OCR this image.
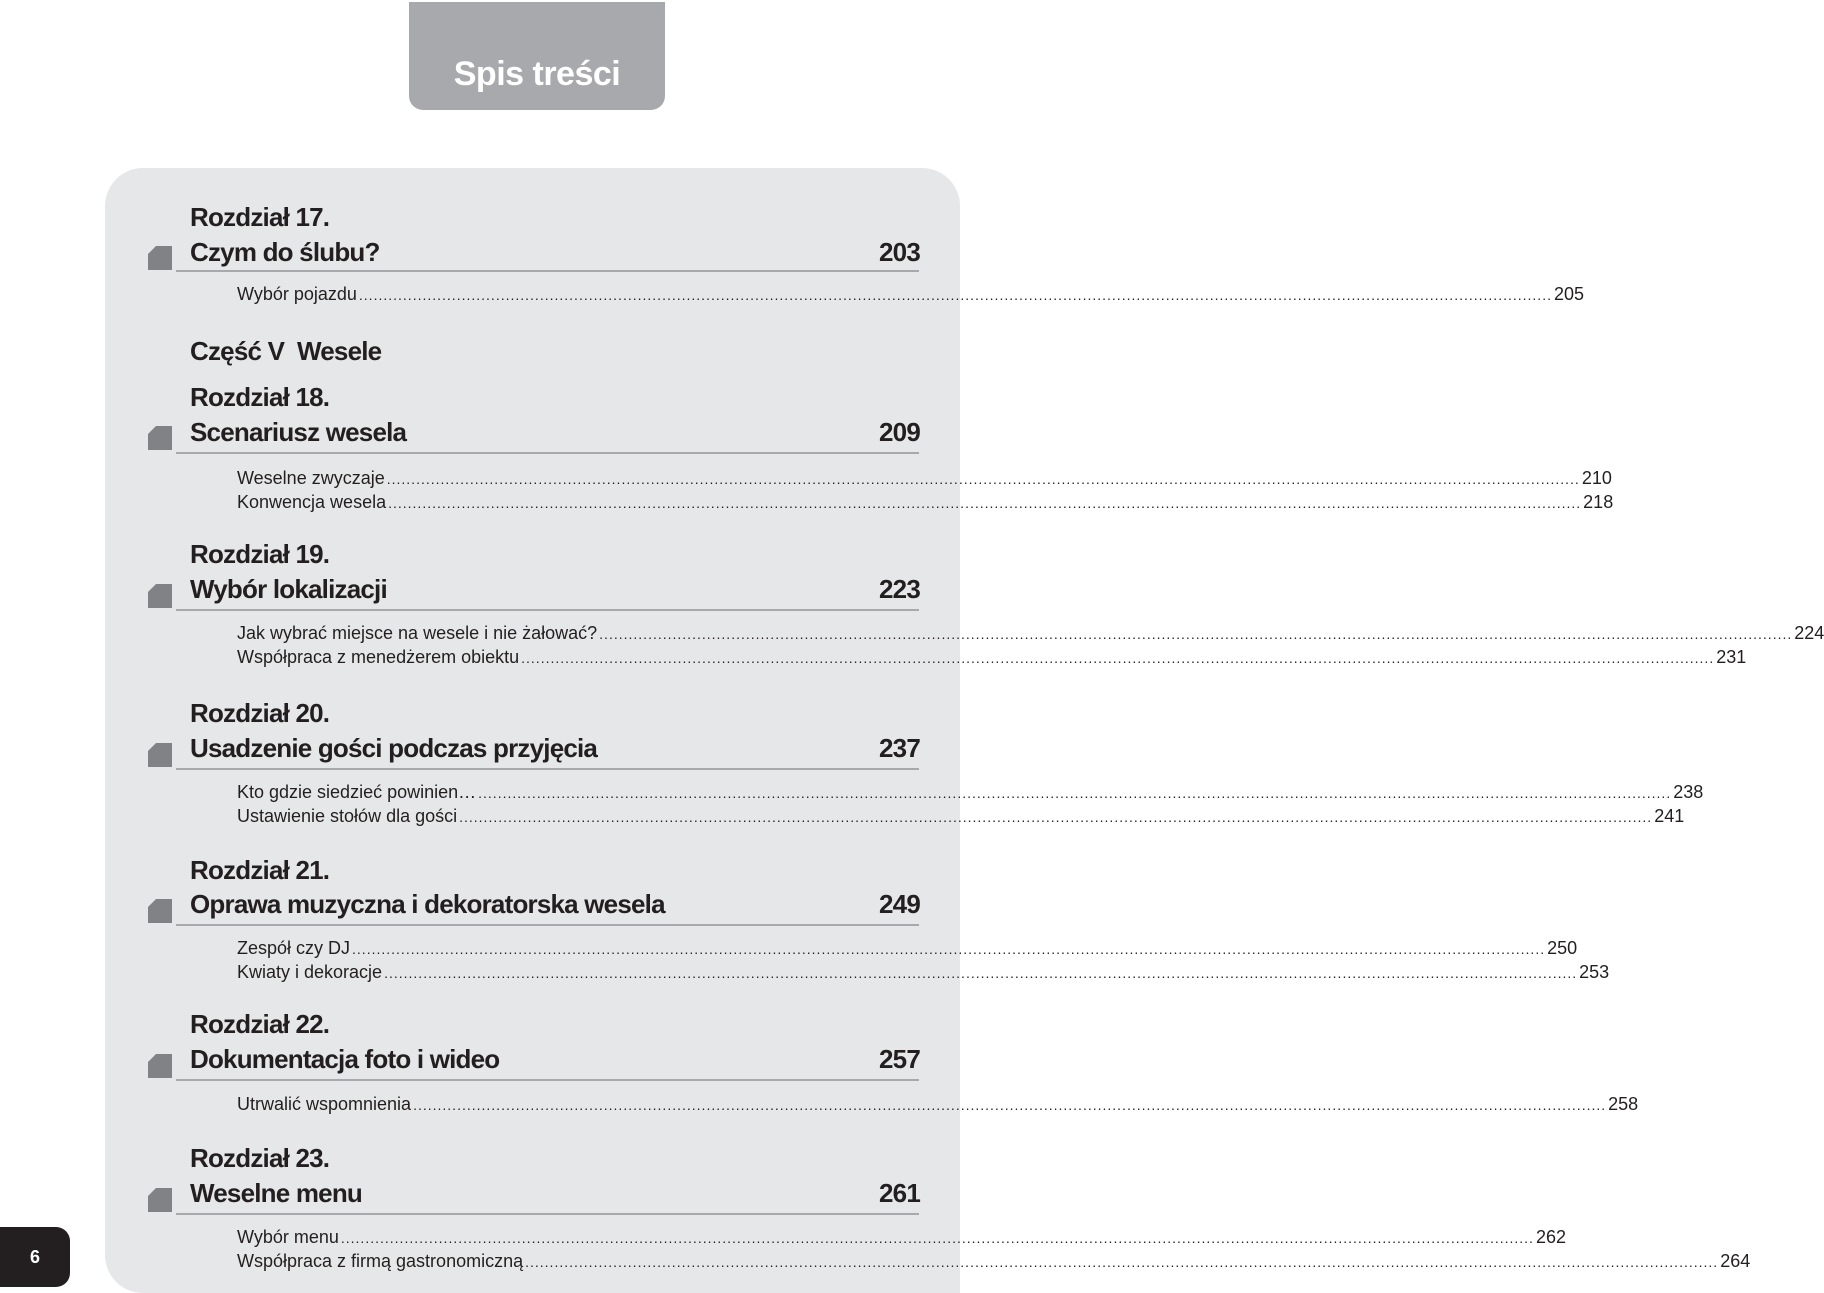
Spis treści
6
Rozdział 17.
Czym do ślubu?	203
Wybór pojazdu .................................................................................................................................................................................................................................................... 205
Część V Wesele
Rozdział 18.
Scenariusz wesela	209
Weselne zwyczaje .................................................................................................................................................................................................................................................... 210
Konwencja wesela .................................................................................................................................................................................................................................................... 218
Rozdział 19.
Wybór lokalizacji	223
Jak wybrać miejsce na wesele i nie żałować? .................................................................................................................................................................................................................................................... 224
Współpraca z menedżerem obiektu .................................................................................................................................................................................................................................................... 231
Rozdział 20.
Usadzenie gości podczas przyjęcia	237
Kto gdzie siedzieć powinien… .................................................................................................................................................................................................................................................... 238
Ustawienie stołów dla gości .................................................................................................................................................................................................................................................... 241
Rozdział 21.
Oprawa muzyczna i dekoratorska wesela	249
Zespół czy DJ .................................................................................................................................................................................................................................................... 250
Kwiaty i dekoracje .................................................................................................................................................................................................................................................... 253
Rozdział 22.
Dokumentacja foto i wideo	257
Utrwalić wspomnienia .................................................................................................................................................................................................................................................... 258
Rozdział 23.
Weselne menu	261
Wybór menu .................................................................................................................................................................................................................................................... 262
Współpraca z firmą gastronomiczną .................................................................................................................................................................................................................................................... 264
